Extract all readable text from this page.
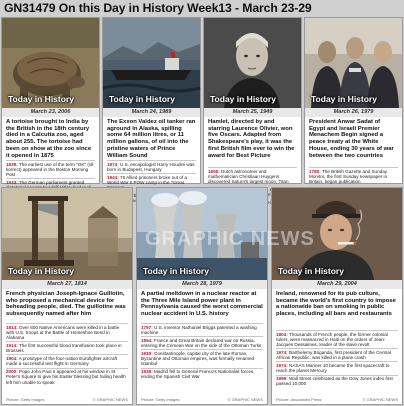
GN31479 On this Day in History Week13 - March 23-29
Today in History
March 23, 2006
A tortoise brought to India by the British in the 18th century died in a Calcutta zoo, aged about 255. The tortoise had been on show at the zoo since it opened in 1875
1839: The earliest use of the term "OK" (oll korrect) appeared in the Boston Morning Post
1933: The German parliament granted
Today in History
March 24, 1989
The Exxon Valdez oil tanker ran aground in Alaska, spilling some 64 million litres, or 11 million gallons, of oil into the pristine waters of Prince William Sound
1874: U.S. escapologist Harry Houdini was born in Budapest, Hungary
1944: 76 Allied prisoners broke out of a World War II POW camp in the "Great
over
Today in History
March 25, 1949
Hamlet, directed by and starring Laurence Olivier, won five Oscars. Adapted from Shakespeare's play, it was the first British film ever to win the award for Best Picture
1655: Dutch astronomer and mathematician Christiaan Huygens discovered Saturn's largest moon, Titan
Community
Today in History
March 26, 1979
President Anwar Sadat of Egypt and Israeli Premier Menachem Begin signed a peace treaty at the White House, ending 30 years of war between the two countries
1780: The British Gazette and Sunday Monitor, the first Sunday newspaper in Britain, began publication
Today in History
March 27, 1814
French physician Joseph-Ignace Guillotin, who proposed a mechanical device for beheading people, died. The guillotine was subsequently named after him
1814: Over 800 Native Americans were killed in a battle with U.S. troops at the Battle of Horseshoe Bend in Alabama
1914: The first successful blood transfusion took place in Brussels
1904: A prototype of the four-nation Eurofighter aircraft made a successful test flight in Germany
2000: Pope John Paul II appeared at his window in St Peter's Square to give his Easter blessing but failing health left him unable to speak
Picture: Getty Images	© GRAPHIC NEWS
Today in History
March 28, 1979
A partial meltdown in a nuclear reactor at the Three Mile Island power plant in Pennsylvania caused the worst commercial nuclear accident in U.S. history
1797: U.S. inventor Nathaniel Briggs patented a washing machine
1854: France and Great Britain declared war on Russia, entering the Crimean War on the side of the Ottoman Turks
1930: Constantinople, capital city of the late Roman, Byzantine and Ottoman empires, was formally renamed Istanbul
1939: Madrid fell to General Franco's Nationalist forces, ending the Spanish Civil War
Picture: Getty Images	© GRAPHIC NEWS
Today in History
March 29, 2004
Ireland, renowned for its pub culture, became the world's first country to impose a nationwide ban on smoking in public places, including all bars and restaurants
1804: Thousands of French people, the former colonial rulers, were massacred in Haiti on the orders of Jean-Jacques Dessalines, leader of the slave revolt
1974: Barthelemy Boganda, first president of the Central African Republic, was killed in a plane crash
1974: NASA's Mariner 10 became the first spacecraft to reach the planet Mercury
1999: Wall Street celebrated as the Dow Jones index first passed 10,000
Picture: Associated Press	© GRAPHIC NEWS
GRAPHIC NEWS
